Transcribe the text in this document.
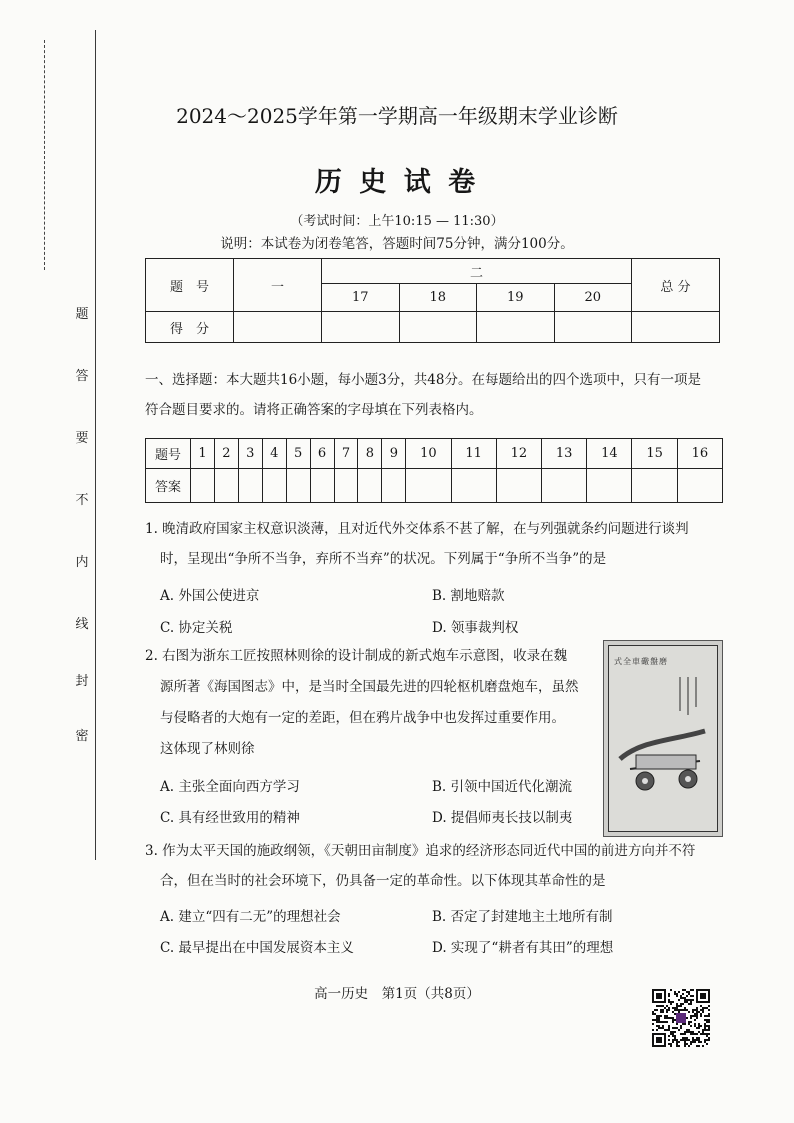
题
答
要
不
内
线
封
密
2024～2025学年第一学期高一年级期末学业诊断
历 史 试 卷
（考试时间：上午10:15 — 11:30）
说明：本试卷为闭卷笔答，答题时间75分钟，满分100分。
题　号	一	二				总 分
		17	18	19	20	
得　分						
一、选择题：本大题共16小题，每小题3分，共48分。在每题给出的四个选项中，只有一项是
符合题目要求的。请将正确答案的字母填在下列表格内。
题号	1	2	3	4	5	6	7	8	9	10	11	12	13	14	15	16
答案																
1. 晚清政府国家主权意识淡薄，且对近代外交体系不甚了解，在与列强就条约问题进行谈判
时，呈现出“争所不当争，弃所不当弃”的状况。下列属于“争所不当争”的是
A. 外国公使进京	B. 割地赔款
C. 协定关税	D. 领事裁判权
2. 右图为浙东工匠按照林则徐的设计制成的新式炮车示意图，收录在魏
源所著《海国图志》中，是当时全国最先进的四轮枢机磨盘炮车，虽然
与侵略者的大炮有一定的差距，但在鸦片战争中也发挥过重要作用。
这体现了林则徐
A. 主张全面向西方学习	B. 引领中国近代化潮流
C. 具有经世致用的精神	D. 提倡师夷长技以制夷
式全車礮盤磨
3. 作为太平天国的施政纲领，《天朝田亩制度》追求的经济形态同近代中国的前进方向并不符
合，但在当时的社会环境下，仍具备一定的革命性。以下体现其革命性的是
A. 建立“四有二无”的理想社会	B. 否定了封建地主土地所有制
C. 最早提出在中国发展资本主义	D. 实现了“耕者有其田”的理想
高一历史　第1页（共8页）
